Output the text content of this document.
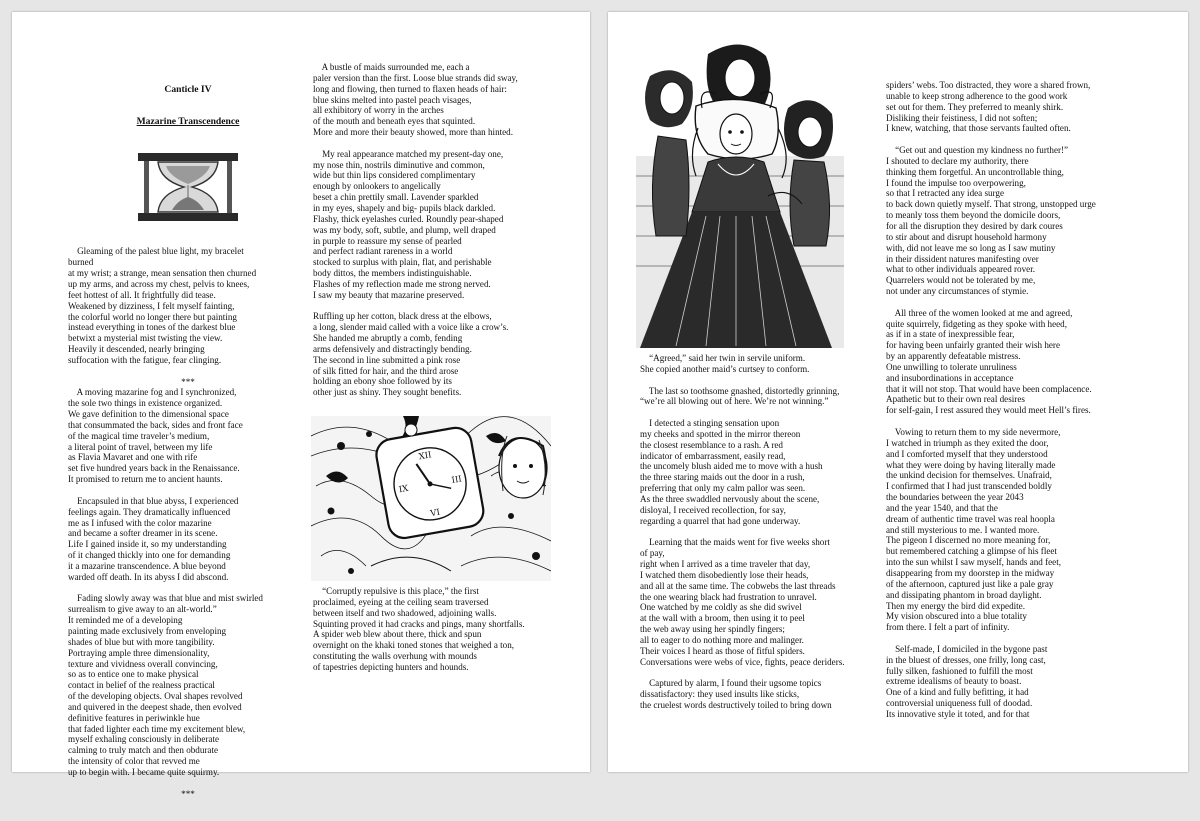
Canticle IV

Mazarine Transcendence

Gleaming of the palest blue light, my bracelet
burned
at my wrist; a strange, mean sensation then churned
up my arms, and across my chest, pelvis to knees,
feet hottest of all. It frightfully did tease.
Weakened by dizziness, I felt myself fainting,
the colorful world no longer there but painting
instead everything in tones of the darkest blue
betwixt a mysterial mist twisting the view.
Heavily it descended, nearly bringing
suffocation with the fatigue, fear clinging.
***
A moving mazarine fog and I synchronized,
the sole two things in existence organized.
We gave definition to the dimensional space
that consummated the back, sides and front face
of the magical time traveler’s medium,
a literal point of travel, between my life
as Flavia Mavaret and one with rife
set five hundred years back in the Renaissance.
It promised to return me to ancient haunts.
Encapsuled in that blue abyss, I experienced
feelings again. They dramatically influenced
me as I infused with the color mazarine
and became a softer dreamer in its scene.
Life I gained inside it, so my understanding
of it changed thickly into one for demanding
it a mazarine transcendence. A blue beyond
warded off death. In its abyss I did abscond.
Fading slowly away was that blue and mist swirled
surrealism to give away to an alt-world.”
It reminded me of a developing
painting made exclusively from enveloping
shades of blue but with more tangibility.
Portraying ample three dimensionality,
texture and vividness overall convincing,
so as to entice one to make physical
contact in belief of the realness practical
of the developing objects. Oval shapes revolved
and quivered in the deepest shade, then evolved
definitive features in periwinkle hue
that faded lighter each time my excitement blew,
myself exhaling consciously in deliberate
calming to truly match and then obdurate
the intensity of color that revved me
up to begin with. I became quite squirmy.
***

A bustle of maids surrounded me, each a
paler version than the first. Loose blue strands did sway,
long and flowing, then turned to flaxen heads of hair:
blue skins melted into pastel peach visages,
all exhibitory of worry in the arches
of the mouth and beneath eyes that squinted.
More and more their beauty showed, more than hinted.
My real appearance matched my present-day one,
my nose thin, nostrils diminutive and common,
wide but thin lips considered complimentary
enough by onlookers to angelically
beset a chin prettily small. Lavender sparkled
in my eyes, shapely and big- pupils black darkled.
Flashy, thick eyelashes curled. Roundly pear-shaped
was my body, soft, subtle, and plump, well draped
in purple to reassure my sense of pearled
and perfect radiant rareness in a world
stocked to surplus with plain, flat, and perishable
body dittos, the members indistinguishable.
Flashes of my reflection made me strong nerved.
I saw my beauty that mazarine preserved.
Ruffling up her cotton, black dress at the elbows,
a long, slender maid called with a voice like a crow’s.
She handed me abruptly a comb, fending
arms defensively and distractingly bending.
The second in line submitted a pink rose
of silk fitted for hair, and the third arose
holding an ebony shoe followed by its
other just as shiny. They sought benefits.
XII
III
VI
IX
“Corruptly repulsive is this place,” the first
proclaimed, eyeing at the ceiling seam traversed
between itself and two shadowed, adjoining walls.
Squinting proved it had cracks and pings, many shortfalls.
A spider web blew about there, thick and spun
overnight on the khaki toned stones that weighed a ton,
constituting the walls overhung with mounds
of tapestries depicting hunters and hounds.
“Agreed,” said her twin in servile uniform.
She copied another maid’s curtsey to conform.
The last so toothsome gnashed, distortedly grinning,
“we’re all blowing out of here. We’re not winning.”
I detected a stinging sensation upon
my cheeks and spotted in the mirror thereon
the closest resemblance to a rash. A red
indicator of embarrassment, easily read,
the uncomely blush aided me to move with a hush
the three staring maids out the door in a rush,
preferring that only my calm pallor was seen.
As the three swaddled nervously about the scene,
disloyal, I received recollection, for say,
regarding a quarrel that had gone underway.
Learning that the maids went for five weeks short
of pay,
right when I arrived as a time traveler that day,
I watched them disobediently lose their heads,
and all at the same time. The cobwebs the last threads
the one wearing black had frustration to unravel.
One watched by me coldly as she did swivel
at the wall with a broom, then using it to peel
the web away using her spindly fingers;
all to eager to do nothing more and malinger.
Their voices I heard as those of fitful spiders.
Conversations were webs of vice, fights, peace deriders.
Captured by alarm, I found their ugsome topics
dissatisfactory: they used insults like sticks,
the cruelest words destructively toiled to bring down
spiders’ webs. Too distracted, they wore a shared frown,
unable to keep strong adherence to the good work
set out for them. They preferred to meanly shirk.
Disliking their feistiness, I did not soften;
I knew, watching, that those servants faulted often.
“Get out and question my kindness no further!”
I shouted to declare my authority, there
thinking them forgetful. An uncontrollable thing,
I found the impulse too overpowering,
so that I retracted any idea surge
to back down quietly myself. That strong, unstopped urge
to meanly toss them beyond the domicile doors,
for all the disruption they desired by dark coures
to stir about and disrupt household harmony
with, did not leave me so long as I saw mutiny
in their dissident natures manifesting over
what to other individuals appeared rover.
Quarrelers would not be tolerated by me,
not under any circumstances of stymie.
All three of the women looked at me and agreed,
quite squirrely, fidgeting as they spoke with heed,
as if in a state of inexpressible fear,
for having been unfairly granted their wish here
by an apparently defeatable mistress.
One unwilling to tolerate unruliness
and insubordinations in acceptance
that it will not stop. That would have been complacence.
Apathetic but to their own real desires
for self-gain, I rest assured they would meet Hell’s fires.
Vowing to return them to my side nevermore,
I watched in triumph as they exited the door,
and I comforted myself that they understood
what they were doing by having literally made
the unkind decision for themselves. Unafraid,
I confirmed that I had just transcended boldly
the boundaries between the year 2043
and the year 1540, and that the
dream of authentic time travel was real hoopla
and still mysterious to me. I wanted more.
The pigeon I discerned no more meaning for,
but remembered catching a glimpse of his fleet
into the sun whilst I saw myself, hands and feet,
disappearing from my doorstep in the midway
of the afternoon, captured just like a pale gray
and dissipating phantom in broad daylight.
Then my energy the bird did expedite.
My vision obscured into a blue totality
from there. I felt a part of infinity.
Self-made, I domiciled in the bygone past
in the bluest of dresses, one frilly, long cast,
fully silken, fashioned to fulfill the most
extreme idealisms of beauty to boast.
One of a kind and fully befitting, it had
controversial uniqueness full of doodad.
Its innovative style it toted, and for that
